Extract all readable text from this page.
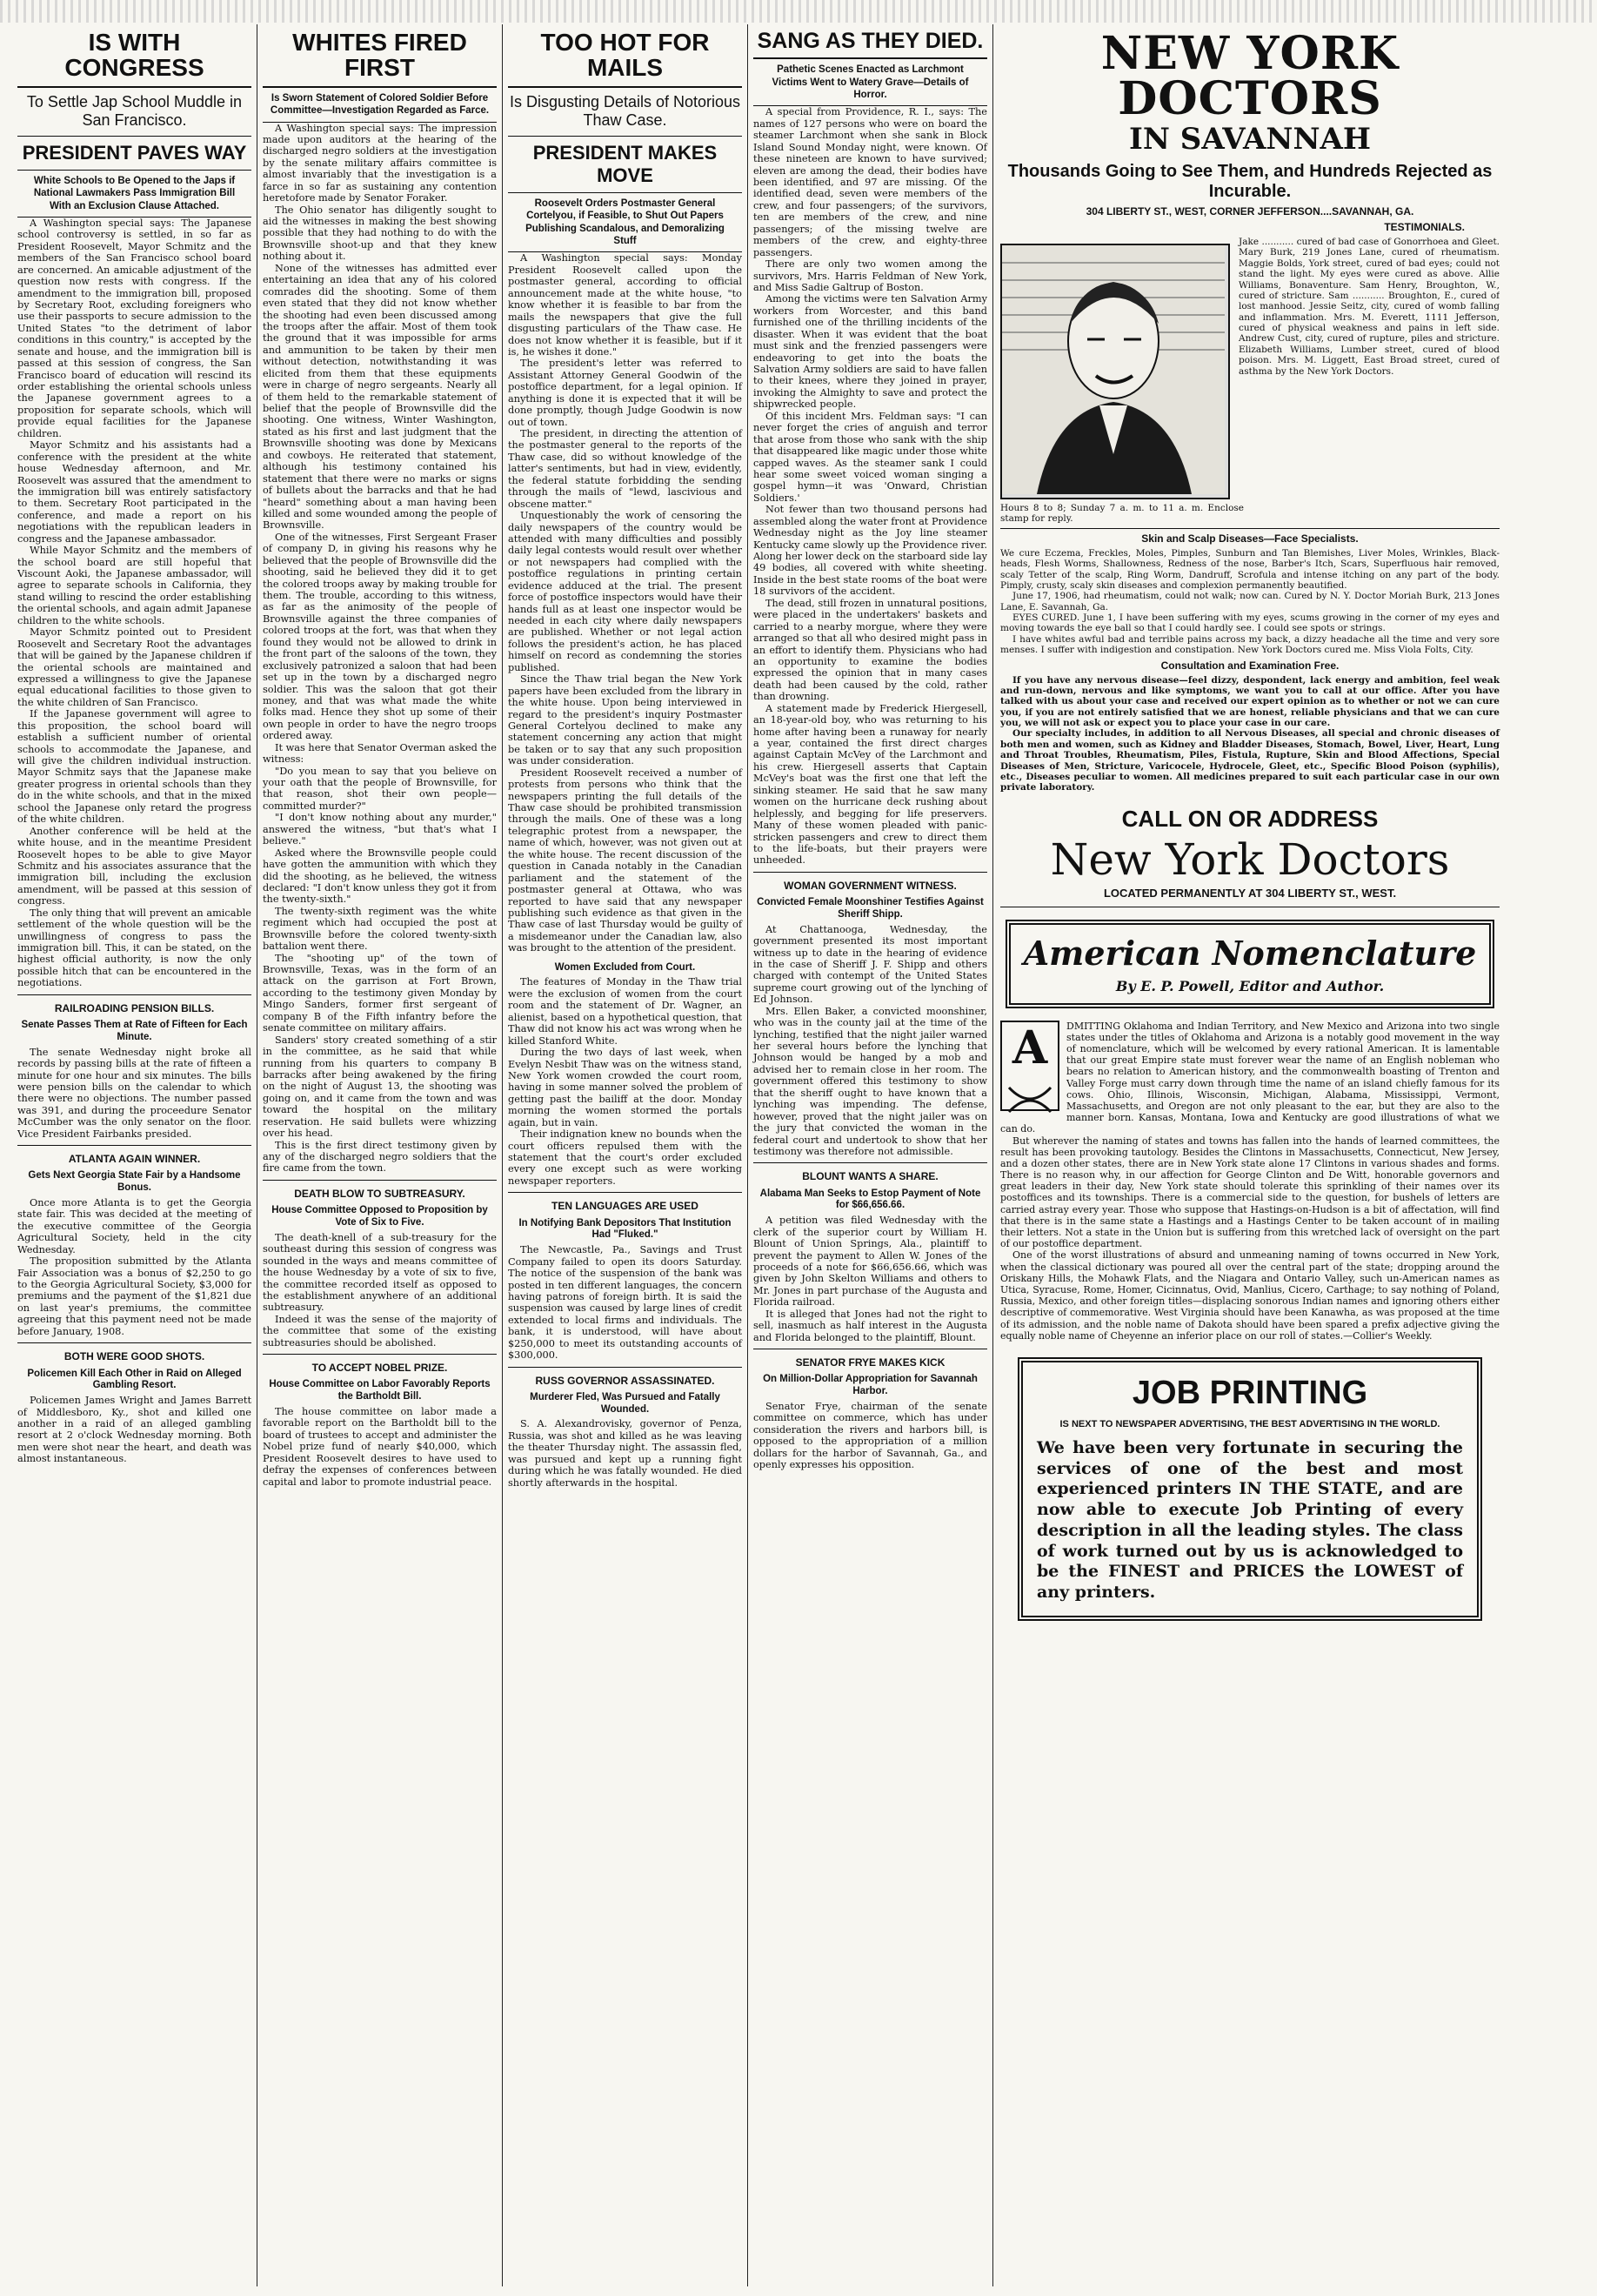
IS WITH CONGRESS
To Settle Jap School Muddle in San Francisco.
PRESIDENT PAVES WAY
White Schools to Be Opened to the Japs if National Lawmakers Pass Immigration Bill With an Exclusion Clause Attached.

A Washington special says: The Japanese school controversy is settled, in so far as President Roosevelt, Mayor Schmitz and the members of the San Francisco school board are concerned. An amicable adjustment of the question now rests with congress. If the amendment to the immigration bill, proposed by Secretary Root, excluding foreigners who use their passports to secure admission to the United States "to the detriment of labor conditions in this country," is accepted by the senate and house, and the immigration bill is passed at this session of congress, the San Francisco board of education will rescind its order establishing the oriental schools unless the Japanese government agrees to a proposition for separate schools, which will provide equal facilities for the Japanese children.

Mayor Schmitz and his assistants had a conference with the president at the white house Wednesday afternoon, and Mr. Roosevelt was assured that the amendment to the immigration bill was entirely satisfactory to them. Secretary Root participated in the conference, and made a report on his negotiations with the republican leaders in congress and the Japanese ambassador.

While Mayor Schmitz and the members of the school board are still hopeful that Viscount Aoki, the Japanese ambassador, will agree to separate schools in California, they stand willing to rescind the order establishing the oriental schools, and again admit Japanese children to the white schools.

Mayor Schmitz pointed out to President Roosevelt and Secretary Root the advantages that will be gained by the Japanese children if the oriental schools are maintained and expressed a willingness to give the Japanese equal educational facilities to those given to the white children of San Francisco.

If the Japanese government will agree to this proposition, the school board will establish a sufficient number of oriental schools to accommodate the Japanese, and will give the children individual instruction. Mayor Schmitz says that the Japanese make greater progress in oriental schools than they do in the white schools, and that in the mixed school the Japanese only retard the progress of the white children.

Another conference will be held at the white house, and in the meantime President Roosevelt hopes to be able to give Mayor Schmitz and his associates assurance that the immigration bill, including the exclusion amendment, will be passed at this session of congress.

The only thing that will prevent an amicable settlement of the whole question will be the unwillingness of congress to pass the immigration bill. This, it can be stated, on the highest official authority, is now the only possible hitch that can be encountered in the negotiations.

RAILROADING PENSION BILLS.
Senate Passes Them at Rate of Fifteen for Each Minute.

The senate Wednesday night broke all records by passing bills at the rate of fifteen a minute for one hour and six minutes. The bills were pension bills on the calendar to which there were no objections. The number passed was 391, and during the proceedure Senator McCumber was the only senator on the floor. Vice President Fairbanks presided.

ATLANTA AGAIN WINNER.
Gets Next Georgia State Fair by a Handsome Bonus.

Once more Atlanta is to get the Georgia state fair. This was decided at the meeting of the executive committee of the Georgia Agricultural Society, held in the city Wednesday.

The proposition submitted by the Atlanta Fair Association was a bonus of $2,250 to go to the Georgia Agricultural Society, $3,000 for premiums and the payment of the $1,821 due on last year's premiums, the committee agreeing that this payment need not be made before January, 1908.

BOTH WERE GOOD SHOTS.
Policemen Kill Each Other in Raid on Alleged Gambling Resort.

Policemen James Wright and James Barrett of Middlesboro, Ky., shot and killed one another in a raid of an alleged gambling resort at 2 o'clock Wednesday morning. Both men were shot near the heart, and death was almost instantaneous.

WHITES FIRED FIRST
Is Sworn Statement of Colored Soldier Before Committee—Investigation Regarded as Farce.

A Washington special says: The impression made upon auditors at the hearing of the discharged negro soldiers at the investigation by the senate military affairs committee is almost invariably that the investigation is a farce in so far as sustaining any contention heretofore made by Senator Foraker.

The Ohio senator has diligently sought to aid the witnesses in making the best showing possible that they had nothing to do with the Brownsville shoot-up and that they knew nothing about it.

None of the witnesses has admitted ever entertaining an idea that any of his colored comrades did the shooting. Some of them even stated that they did not know whether the shooting had even been discussed among the troops after the affair. Most of them took the ground that it was impossible for arms and ammunition to be taken by their men without detection, notwithstanding it was elicited from them that these equipments were in charge of negro sergeants. Nearly all of them held to the remarkable statement of belief that the people of Brownsville did the shooting. One witness, Winter Washington, stated as his first and last judgment that the Brownsville shooting was done by Mexicans and cowboys. He reiterated that statement, although his testimony contained his statement that there were no marks or signs of bullets about the barracks and that he had "heard" something about a man having been killed and some wounded among the people of Brownsville.

One of the witnesses, First Sergeant Fraser of company D, in giving his reasons why he believed that the people of Brownsville did the shooting, said he believed they did it to get the colored troops away by making trouble for them. The trouble, according to this witness, as far as the animosity of the people of Brownsville against the three companies of colored troops at the fort, was that when they found they would not be allowed to drink in the front part of the saloons of the town, they exclusively patronized a saloon that had been set up in the town by a discharged negro soldier. This was the saloon that got their money, and that was what made the white folks mad. Hence they shot up some of their own people in order to have the negro troops ordered away.

It was here that Senator Overman asked the witness:

"Do you mean to say that you believe on your oath that the people of Brownsville, for that reason, shot their own people—committed murder?"

"I don't know nothing about any murder," answered the witness, "but that's what I believe."

Asked where the Brownsville people could have gotten the ammunition with which they did the shooting, as he believed, the witness declared: "I don't know unless they got it from the twenty-sixth."

The twenty-sixth regiment was the white regiment which had occupied the post at Brownsville before the colored twenty-sixth battalion went there.

The "shooting up" of the town of Brownsville, Texas, was in the form of an attack on the garrison at Fort Brown, according to the testimony given Monday by Mingo Sanders, former first sergeant of company B of the Fifth infantry before the senate committee on military affairs.

Sanders' story created something of a stir in the committee, as he said that while running from his quarters to company B barracks after being awakened by the firing on the night of August 13, the shooting was going on, and it came from the town and was toward the hospital on the military reservation. He said bullets were whizzing over his head.

This is the first direct testimony given by any of the discharged negro soldiers that the fire came from the town.

DEATH BLOW TO SUBTREASURY.
House Committee Opposed to Proposition by Vote of Six to Five.

The death-knell of a sub-treasury for the southeast during this session of congress was sounded in the ways and means committee of the house Wednesday by a vote of six to five, the committee recorded itself as opposed to the establishment anywhere of an additional subtreasury.

Indeed it was the sense of the majority of the committee that some of the existing subtreasuries should be abolished.

TO ACCEPT NOBEL PRIZE.
House Committee on Labor Favorably Reports the Bartholdt Bill.

The house committee on labor made a favorable report on the Bartholdt bill to the board of trustees to accept and administer the Nobel prize fund of nearly $40,000, which President Roosevelt desires to have used to defray the expenses of conferences between capital and labor to promote industrial peace.

TOO HOT FOR MAILS
Is Disgusting Details of Notorious Thaw Case.
PRESIDENT MAKES MOVE
Roosevelt Orders Postmaster General Cortelyou, if Feasible, to Shut Out Papers Publishing Scandalous, and Demoralizing Stuff

A Washington special says: Monday President Roosevelt called upon the postmaster general, according to official announcement made at the white house, "to know whether it is feasible to bar from the mails the newspapers that give the full disgusting particulars of the Thaw case. He does not know whether it is feasible, but if it is, he wishes it done."

The president's letter was referred to Assistant Attorney General Goodwin of the postoffice department, for a legal opinion. If anything is done it is expected that it will be done promptly, though Judge Goodwin is now out of town.

The president, in directing the attention of the postmaster general to the reports of the Thaw case, did so without knowledge of the latter's sentiments, but had in view, evidently, the federal statute forbidding the sending through the mails of "lewd, lascivious and obscene matter."

Unquestionably the work of censoring the daily newspapers of the country would be attended with many difficulties and possibly daily legal contests would result over whether or not newspapers had complied with the postoffice regulations in printing certain evidence adduced at the trial. The present force of postoffice inspectors would have their hands full as at least one inspector would be needed in each city where daily newspapers are published. Whether or not legal action follows the president's action, he has placed himself on record as condemning the stories published.

Since the Thaw trial began the New York papers have been excluded from the library in the white house. Upon being interviewed in regard to the president's inquiry Postmaster General Cortelyou declined to make any statement concerning any action that might be taken or to say that any such proposition was under consideration.

President Roosevelt received a number of protests from persons who think that the newspapers printing the full details of the Thaw case should be prohibited transmission through the mails. One of these was a long telegraphic protest from a newspaper, the name of which, however, was not given out at the white house. The recent discussion of the question in Canada notably in the Canadian parliament and the statement of the postmaster general at Ottawa, who was reported to have said that any newspaper publishing such evidence as that given in the Thaw case of last Thursday would be guilty of a misdemeanor under the Canadian law, also was brought to the attention of the president.

Women Excluded from Court.

The features of Monday in the Thaw trial were the exclusion of women from the court room and the statement of Dr. Wagner, an alienist, based on a hypothetical question, that Thaw did not know his act was wrong when he killed Stanford White.

During the two days of last week, when Evelyn Nesbit Thaw was on the witness stand, New York women crowded the court room, having in some manner solved the problem of getting past the bailiff at the door. Monday morning the women stormed the portals again, but in vain.

Their indignation knew no bounds when the court officers repulsed them with the statement that the court's order excluded every one except such as were working newspaper reporters.

TEN LANGUAGES ARE USED
In Notifying Bank Depositors That Institution Had "Fluked."

The Newcastle, Pa., Savings and Trust Company failed to open its doors Saturday. The notice of the suspension of the bank was posted in ten different languages, the concern having patrons of foreign birth. It is said the suspension was caused by large lines of credit extended to local firms and individuals. The bank, it is understood, will have about $250,000 to meet its outstanding accounts of $300,000.

RUSS GOVERNOR ASSASSINATED.
Murderer Fled, Was Pursued and Fatally Wounded.

S. A. Alexandrovisky, governor of Penza, Russia, was shot and killed as he was leaving the theater Thursday night. The assassin fled, was pursued and kept up a running fight during which he was fatally wounded. He died shortly afterwards in the hospital.

SANG AS THEY DIED.
Pathetic Scenes Enacted as Larchmont Victims Went to Watery Grave—Details of Horror.

A special from Providence, R. I., says: The names of 127 persons who were on board the steamer Larchmont when she sank in Block Island Sound Monday night, were known. Of these nineteen are known to have survived; eleven are among the dead, their bodies have been identified, and 97 are missing. Of the identified dead, seven were members of the crew, and four passengers; of the survivors, ten are members of the crew, and nine passengers; of the missing twelve are members of the crew, and eighty-three passengers.

There are only two women among the survivors, Mrs. Harris Feldman of New York, and Miss Sadie Galtrup of Boston.

Among the victims were ten Salvation Army workers from Worcester, and this band furnished one of the thrilling incidents of the disaster. When it was evident that the boat must sink and the frenzied passengers were endeavoring to get into the boats the Salvation Army soldiers are said to have fallen to their knees, where they joined in prayer, invoking the Almighty to save and protect the shipwrecked people.

Of this incident Mrs. Feldman says: "I can never forget the cries of anguish and terror that arose from those who sank with the ship that disappeared like magic under those white capped waves. As the steamer sank I could hear some sweet voiced woman singing a gospel hymn—it was 'Onward, Christian Soldiers.'

Not fewer than two thousand persons had assembled along the water front at Providence Wednesday night as the Joy line steamer Kentucky came slowly up the Providence river. Along her lower deck on the starboard side lay 49 bodies, all covered with white sheeting. Inside in the best state rooms of the boat were 18 survivors of the accident.

The dead, still frozen in unnatural positions, were placed in the undertakers' baskets and carried to a nearby morgue, where they were arranged so that all who desired might pass in an effort to identify them. Physicians who had an opportunity to examine the bodies expressed the opinion that in many cases death had been caused by the cold, rather than drowning.

A statement made by Frederick Hiergesell, an 18-year-old boy, who was returning to his home after having been a runaway for nearly a year, contained the first direct charges against Captain McVey of the Larchmont and his crew. Hiergesell asserts that Captain McVey's boat was the first one that left the sinking steamer. He said that he saw many women on the hurricane deck rushing about helplessly, and begging for life preservers. Many of these women pleaded with panic-stricken passengers and crew to direct them to the life-boats, but their prayers were unheeded.

WOMAN GOVERNMENT WITNESS.
Convicted Female Moonshiner Testifies Against Sheriff Shipp.

At Chattanooga, Wednesday, the government presented its most important witness up to date in the hearing of evidence in the case of Sheriff J. F. Shipp and others charged with contempt of the United States supreme court growing out of the lynching of Ed Johnson.

Mrs. Ellen Baker, a convicted moonshiner, who was in the county jail at the time of the lynching, testified that the night jailer warned her several hours before the lynching that Johnson would be hanged by a mob and advised her to remain close in her room. The government offered this testimony to show that the sheriff ought to have known that a lynching was impending. The defense, however, proved that the night jailer was on the jury that convicted the woman in the federal court and undertook to show that her testimony was therefore not admissible.

BLOUNT WANTS A SHARE.
Alabama Man Seeks to Estop Payment of Note for $66,656.66.

A petition was filed Wednesday with the clerk of the superior court by William H. Blount of Union Springs, Ala., plaintiff to prevent the payment to Allen W. Jones of the proceeds of a note for $66,656.66, which was given by John Skelton Williams and others to Mr. Jones in part purchase of the Augusta and Florida railroad.

It is alleged that Jones had not the right to sell, inasmuch as half interest in the Augusta and Florida belonged to the plaintiff, Blount.

SENATOR FRYE MAKES KICK
On Million-Dollar Appropriation for Savannah Harbor.

Senator Frye, chairman of the senate committee on commerce, which has under consideration the rivers and harbors bill, is opposed to the appropriation of a million dollars for the harbor of Savannah, Ga., and openly expresses his opposition.

NEW YORK DOCTORS
IN SAVANNAH
Thousands Going to See Them, and Hundreds Rejected as Incurable.
304 LIBERTY ST., WEST, CORNER JEFFERSON....SAVANNAH, GA.
TESTIMONIALS.
Jake ........... cured of bad case of Gonorrhoea and Gleet. Mary Burk, 219 Jones Lane, cured of rheumatism. Maggie Bolds, York street, cured of bad eyes; could not stand the light. My eyes were cured as above. Allie Williams, Bonaventure. Sam Henry, Broughton, W., cured of stricture. Sam ........... Broughton, E., cured of lost manhood. Jessie Seitz, city, cured of womb falling and inflammation. Mrs. M. Everett, 1111 Jefferson, cured of physical weakness and pains in left side. Andrew Cust, city, cured of rupture, piles and stricture. Elizabeth Williams, Lumber street, cured of blood poison. Mrs. M. Liggett, East Broad street, cured of asthma by the New York Doctors.
Hours 8 to 8; Sunday 7 a. m. to 11 a. m. Enclose stamp for reply.
Skin and Scalp Diseases—Face Specialists.
We cure Eczema, Freckles, Moles, Pimples, Sunburn and Tan Blemishes, Liver Moles, Wrinkles, Black-heads, Flesh Worms, Shallowness, Redness of the nose, Barber's Itch, Scars, Superfluous hair removed, scaly Tetter of the scalp, Ring Worm, Dandruff, Scrofula and intense itching on any part of the body. Pimply, crusty, scaly skin diseases and complexion permanently beautified.
June 17, 1906, had rheumatism, could not walk; now can. Cured by N. Y. Doctor Moriah Burk, 213 Jones Lane, E. Savannah, Ga.
EYES CURED. June 1, I have been suffering with my eyes, scums growing in the corner of my eyes and moving towards the eye ball so that I could hardly see. I could see spots or strings.
I have whites awful bad and terrible pains across my back, a dizzy headache all the time and very sore menses. I suffer with indigestion and constipation. New York Doctors cured me. Miss Viola Folts, City.
Consultation and Examination Free.
If you have any nervous disease—feel dizzy, despondent, lack energy and ambition, feel weak and run-down, nervous and like symptoms, we want you to call at our office. After you have talked with us about your case and received our expert opinion as to whether or not we can cure you, if you are not entirely satisfied that we are honest, reliable physicians and that we can cure you, we will not ask or expect you to place your case in our care.
Our specialty includes, in addition to all Nervous Diseases, all special and chronic diseases of both men and women, such as Kidney and Bladder Diseases, Stomach, Bowel, Liver, Heart, Lung and Throat Troubles, Rheumatism, Piles, Fistula, Rupture, Skin and Blood Affections, Special Diseases of Men, Stricture, Varicocele, Hydrocele, Gleet, etc., Specific Blood Poison (syphilis), etc., Diseases peculiar to women. All medicines prepared to suit each particular case in our own private laboratory.
CALL ON OR ADDRESS
New York Doctors
LOCATED PERMANENTLY AT 304 LIBERTY ST., WEST.
American Nomenclature
By E. P. Powell, Editor and Author.
A	DMITTING Oklahoma and Indian Territory, and New Mexico and Arizona into two single states under the titles of Oklahoma and Arizona is a notably good movement in the way of nomenclature, which will be welcomed by every rational American. It is lamentable that our great Empire state must forever wear the name of an English nobleman who bears no relation to American history, and the commonwealth boasting of Trenton and Valley Forge must carry down through time the name of an island chiefly famous for its cows. Ohio, Illinois, Wisconsin, Michigan, Alabama, Mississippi, Vermont, Massachusetts, and Oregon are not only pleasant to the ear, but they are also to the manner born. Kansas, Montana, Iowa and Kentucky are good illustrations of what we can do.
But wherever the naming of states and towns has fallen into the hands of learned committees, the result has been provoking tautology. Besides the Clintons in Massachusetts, Connecticut, New Jersey, and a dozen other states, there are in New York state alone 17 Clintons in various shades and forms. There is no reason why, in our affection for George Clinton and De Witt, honorable governors and great leaders in their day, New York state should tolerate this sprinkling of their names over its postoffices and its townships. There is a commercial side to the question, for bushels of letters are carried astray every year. Those who suppose that Hastings-on-Hudson is a bit of affectation, will find that there is in the same state a Hastings and a Hastings Center to be taken account of in mailing their letters. Not a state in the Union but is suffering from this wretched lack of oversight on the part of our postoffice department.
One of the worst illustrations of absurd and unmeaning naming of towns occurred in New York, when the classical dictionary was poured all over the central part of the state; dropping around the Oriskany Hills, the Mohawk Flats, and the Niagara and Ontario Valley, such un-American names as Utica, Syracuse, Rome, Homer, Cicinnatus, Ovid, Manlius, Cicero, Carthage; to say nothing of Poland, Russia, Mexico, and other foreign titles—displacing sonorous Indian names and ignoring others either descriptive of commemorative. West Virginia should have been Kanawha, as was proposed at the time of its admission, and the noble name of Dakota should have been spared a prefix adjective giving the equally noble name of Cheyenne an inferior place on our roll of states.—Collier's Weekly.
JOB PRINTING
IS NEXT TO NEWSPAPER ADVERTISING, THE BEST ADVERTISING IN THE WORLD.
We have been very fortunate in securing the services of one of the best and most experienced printers IN THE STATE, and are now able to execute Job Printing of every description in all the leading styles. The class of work turned out by us is acknowledged to be the FINEST and PRICES the LOWEST of any printers.
